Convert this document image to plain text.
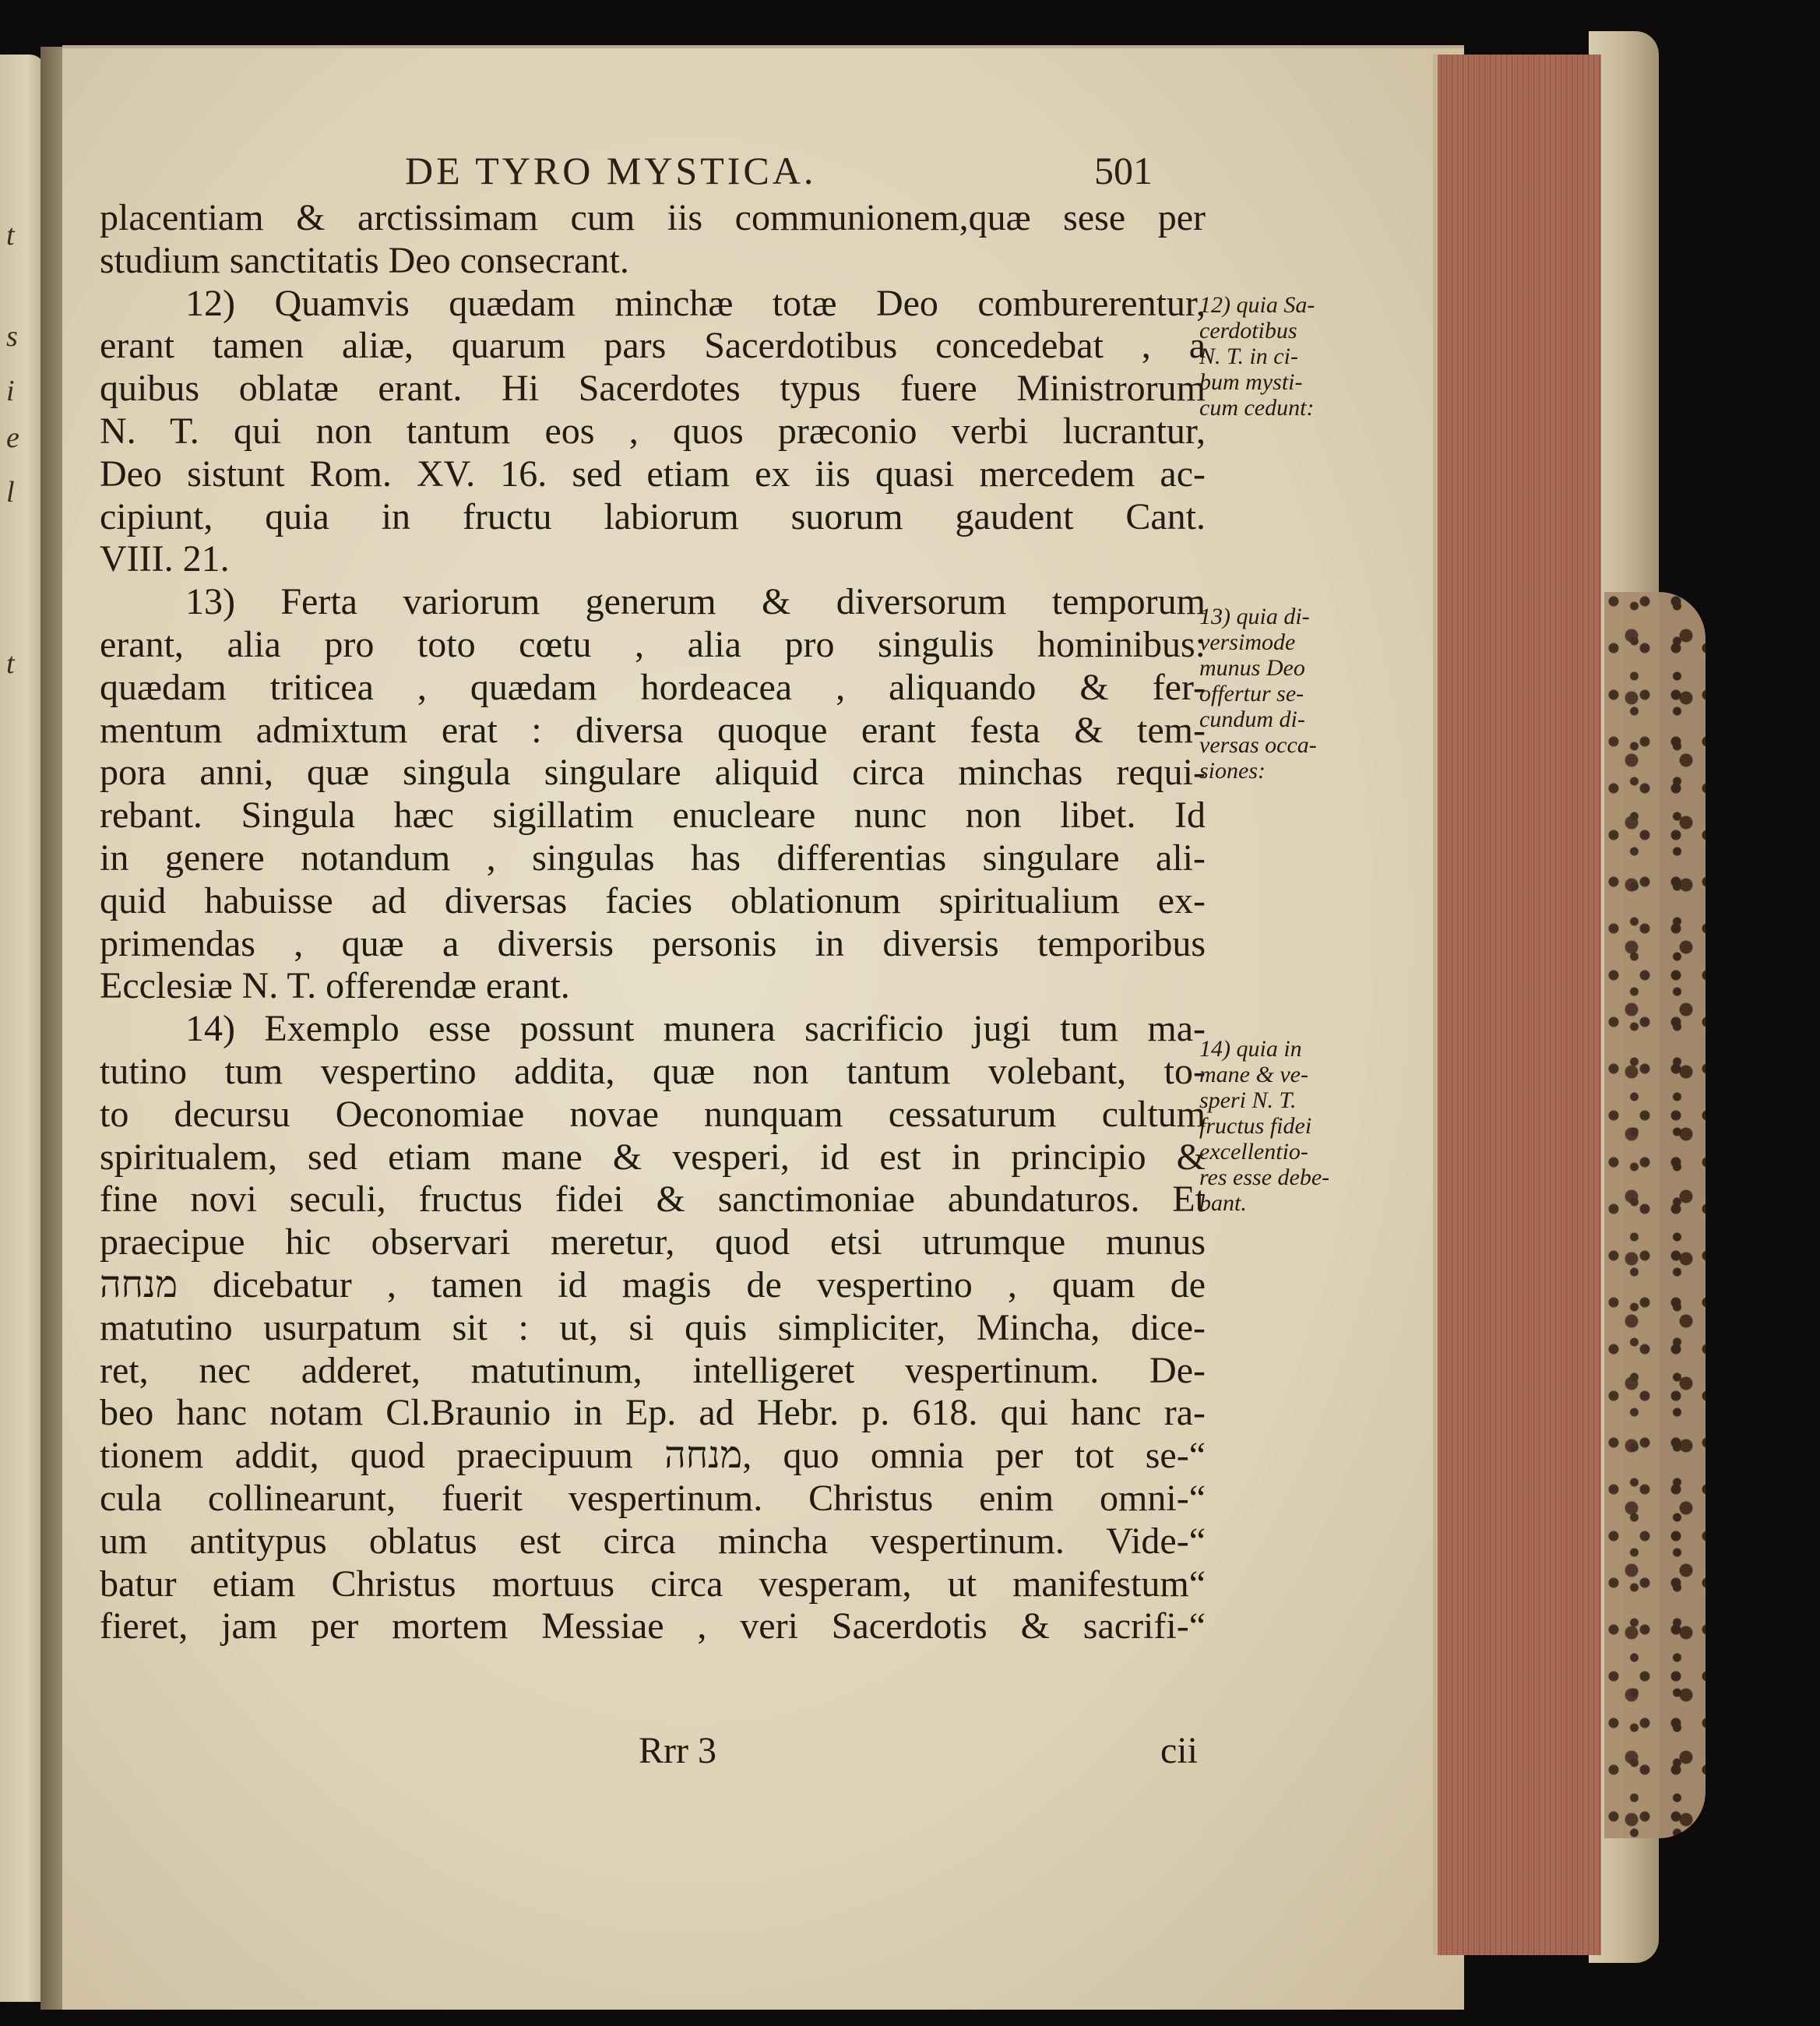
t
s
i
e
l
t
DE TYRO MYSTICA.	501
placentiam & arctissimam cum iis communionem,quæ sese per
studium sanctitatis Deo consecrant.
12) Quamvis quædam minchæ totæ Deo comburerentur,
erant tamen aliæ, quarum pars Sacerdotibus concedebat , a
quibus oblatæ erant. Hi Sacerdotes typus fuere Ministrorum
N. T. qui non tantum eos , quos præconio verbi lucrantur,
Deo sistunt Rom. XV. 16. sed etiam ex iis quasi mercedem ac-
cipiunt, quia in fructu labiorum suorum gaudent Cant.
VIII. 21.
13) Ferta variorum generum & diversorum temporum
erant, alia pro toto cœtu , alia pro singulis hominibus:
quædam triticea , quædam hordeacea , aliquando & fer-
mentum admixtum erat : diversa quoque erant festa & tem-
pora anni, quæ singula singulare aliquid circa minchas requi-
rebant. Singula hæc sigillatim enucleare nunc non libet. Id
in genere notandum , singulas has differentias singulare ali-
quid habuisse ad diversas facies oblationum spiritualium ex-
primendas , quæ a diversis personis in diversis temporibus
Ecclesiæ N. T. offerendæ erant.
14) Exemplo esse possunt munera sacrificio jugi tum ma-
tutino tum vespertino addita, quæ non tantum volebant, to-
to decursu Oeconomiae novae nunquam cessaturum cultum
spiritualem, sed etiam mane & vesperi, id est in principio &
fine novi seculi, fructus fidei & sanctimoniae abundaturos. Et
praecipue hic observari meretur, quod etsi utrumque munus
מנחה dicebatur , tamen id magis de vespertino , quam de
matutino usurpatum sit : ut, si quis simpliciter, Mincha, dice-
ret, nec adderet, matutinum, intelligeret vespertinum. De-
beo hanc notam Cl.Braunio in Ep. ad Hebr. p. 618. qui hanc ra-
tionem addit, quod praecipuum מנחה, quo omnia per tot se-“
cula collinearunt, fuerit vespertinum. Christus enim omni-“
um antitypus oblatus est circa mincha vespertinum. Vide-“
batur etiam Christus mortuus circa vesperam, ut manifestum“
fieret, jam per mortem Messiae , veri Sacerdotis & sacrifi-“
12) quia Sa-
cerdotibus
N. T. in ci-
bum mysti-
cum cedunt:
13) quia di-
versimode
munus Deo
offertur se-
cundum di-
versas occa-
siones:
14) quia in
mane & ve-
speri N. T.
fructus fidei
excellentio-
res esse debe-
bant.
Rrr 3	cii
